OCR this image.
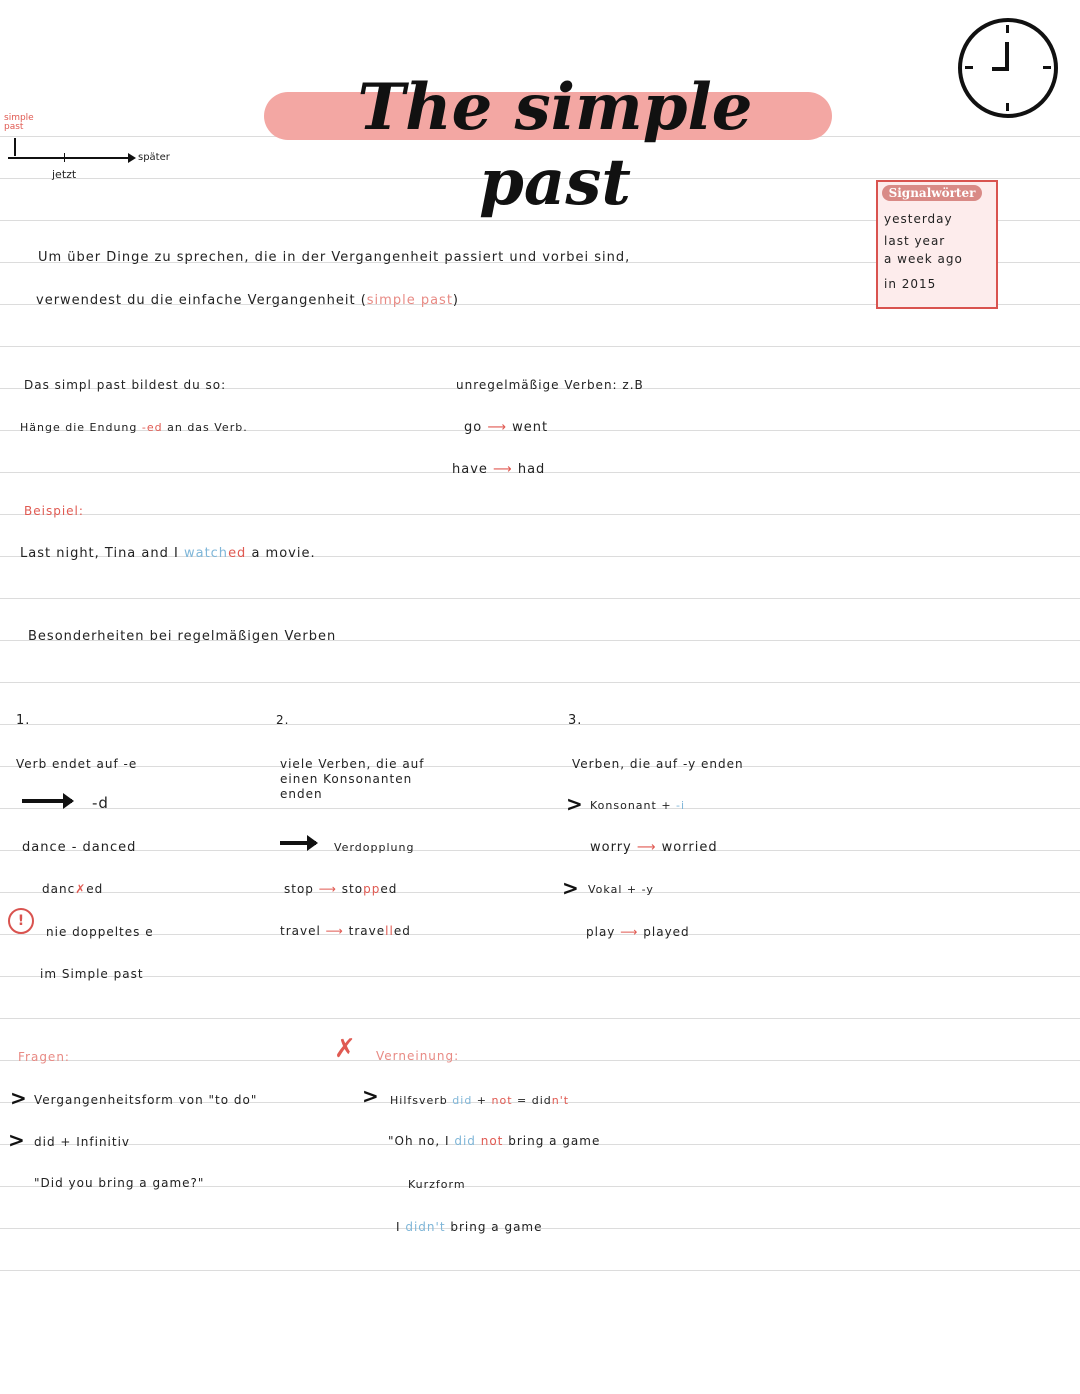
The simple past
simple past
jetzt
später
Signalwörter
yesterday
last year
a week ago
in 2015
Um über Dinge zu sprechen, die in der Vergangenheit passiert und vorbei sind,
verwendest du die einfache Vergangenheit (simple past)
Das simpl past bildest du so:
Hänge die Endung -ed an das Verb.
unregelmäßige Verben: z.B
go ⟶ went
have ⟶ had
Beispiel:
Last night, Tina and I watched a movie.
Besonderheiten bei regelmäßigen Verben
1.
Verb endet auf -e
-d
dance - danced
danc✗ed
!
nie doppeltes e
im Simple past
2.
viele Verben, die auf
einen Konsonanten
enden
Verdopplung
stop ⟶ stopped
travel ⟶ travelled
3.
Verben, die auf -y enden
> Konsonant + -i
worry ⟶ worried
> Vokal + -y
play ⟶ played
Fragen:
> Vergangenheitsform von "to do"
> did + Infinitiv
"Did you bring a game?"
✗ Verneinung:
> Hilfsverb did + not = didn't
"Oh no, I did not bring a game
Kurzform
I didn't bring a game
